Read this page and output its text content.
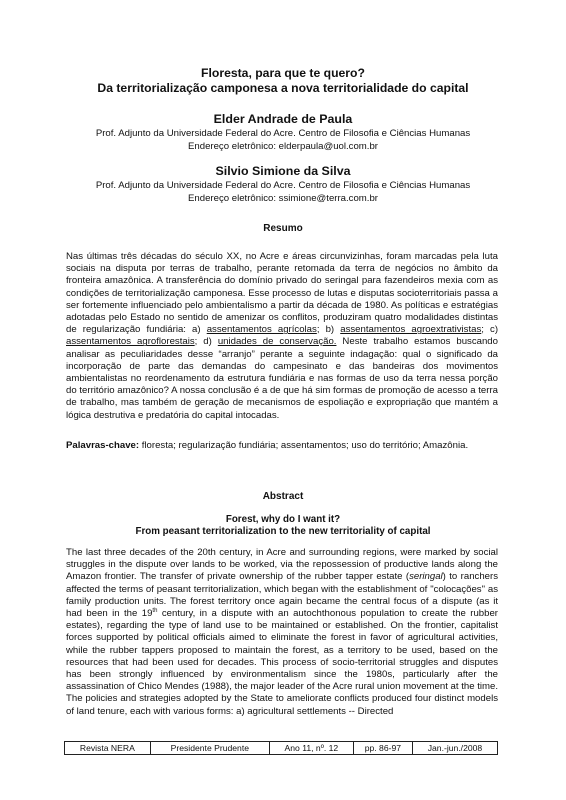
Floresta, para que te quero?
Da territorialização camponesa a nova territorialidade do capital
Elder Andrade de Paula
Prof. Adjunto da Universidade Federal do Acre. Centro de Filosofia e Ciências Humanas
Endereço eletrônico: elderpaula@uol.com.br
Silvio Simione da Silva
Prof. Adjunto da Universidade Federal do Acre. Centro de Filosofia e Ciências Humanas
Endereço eletrônico: ssimione@terra.com.br
Resumo
Nas últimas três décadas do século XX, no Acre e áreas circunvizinhas, foram marcadas pela luta sociais na disputa por terras de trabalho, perante retomada da terra de negócios no âmbito da fronteira amazônica. A transferência do domínio privado do seringal para fazendeiros mexia com as condições de territorialização camponesa. Esse processo de lutas e disputas socioterritoriais passa a ser fortemente influenciado pelo ambientalismo a partir da década de 1980. As políticas e estratégias adotadas pelo Estado no sentido de amenizar os conflitos, produziram quatro modalidades distintas de regularização fundiária: a) assentamentos agrícolas; b) assentamentos agroextrativistas; c) assentamentos agroflorestais; d) unidades de conservação. Neste trabalho estamos buscando analisar as peculiaridades desse “arranjo” perante a seguinte indagação: qual o significado da incorporação de parte das demandas do campesinato e das bandeiras dos movimentos ambientalistas no reordenamento da estrutura fundiária e nas formas de uso da terra nessa porção do território amazônico? A nossa conclusão é a de que há sim formas de promoção de acesso a terra de trabalho, mas também de geração de mecanismos de espoliação e expropriação que mantém a lógica destrutiva e predatória do capital intocadas.
Palavras-chave: floresta; regularização fundiária; assentamentos; uso do território; Amazônia.
Abstract
Forest, why do I want it?
From peasant territorialization to the new territoriality of capital
The last three decades of the 20th century, in Acre and surrounding regions, were marked by social struggles in the dispute over lands to be worked, via the repossession of productive lands along the Amazon frontier. The transfer of private ownership of the rubber tapper estate (seringal) to ranchers affected the terms of peasant territorialization, which began with the establishment of "colocações" as family production units. The forest territory once again became the central focus of a dispute (as it had been in the 19th century, in a dispute with an autochthonous population to create the rubber estates), regarding the type of land use to be maintained or established. On the frontier, capitalist forces supported by political officials aimed to eliminate the forest in favor of agricultural activities, while the rubber tappers proposed to maintain the forest, as a territory to be used, based on the resources that had been used for decades. This process of socio-territorial struggles and disputes has been strongly influenced by environmentalism since the 1980s, particularly after the assassination of Chico Mendes (1988), the major leader of the Acre rural union movement at the time. The policies and strategies adopted by the State to ameliorate conflicts produced four distinct models of land tenure, each with various forms: a) agricultural settlements -- Directed
Revista NERA	Presidente Prudente	Ano 11, nº. 12	pp. 86-97	Jan.-jun./2008
